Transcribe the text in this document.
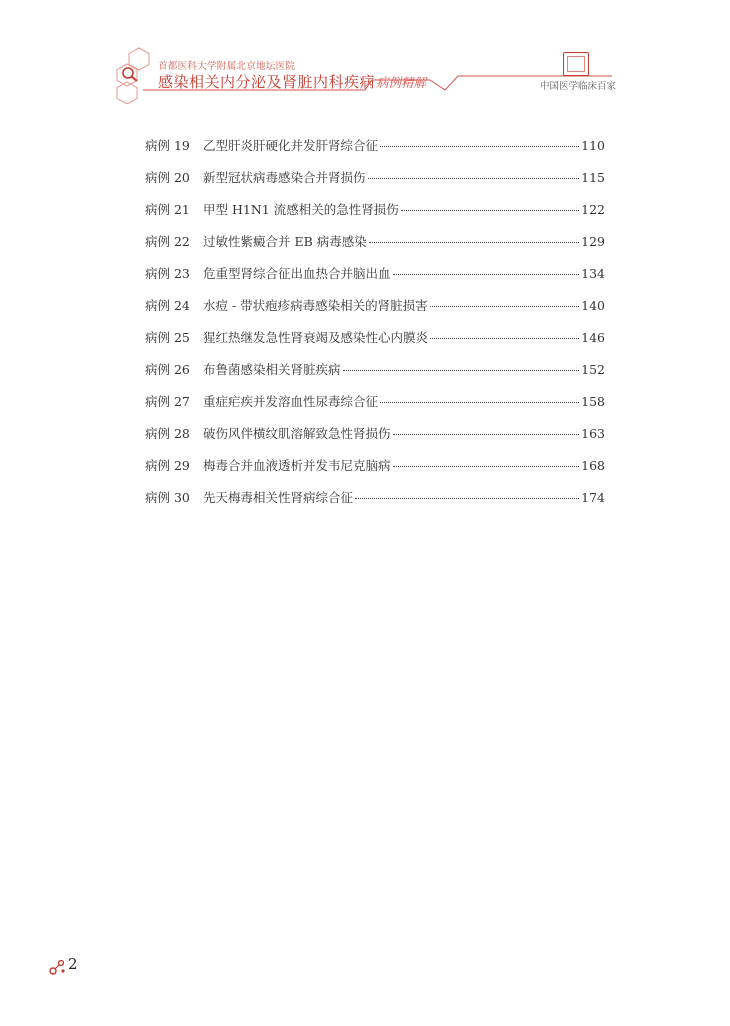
首都医科大学附属北京地坛医院
感染相关内分泌及肾脏内科疾病 病例精解	中国医学临床百家
病例 19	乙型肝炎肝硬化并发肝肾综合征	110
病例 20	新型冠状病毒感染合并肾损伤	115
病例 21	甲型 H1N1 流感相关的急性肾损伤	122
病例 22	过敏性紫癜合并 EB 病毒感染	129
病例 23	危重型肾综合征出血热合并脑出血	134
病例 24	水痘 - 带状疱疹病毒感染相关的肾脏损害	140
病例 25	猩红热继发急性肾衰竭及感染性心内膜炎	146
病例 26	布鲁菌感染相关肾脏疾病	152
病例 27	重症疟疾并发溶血性尿毒综合征	158
病例 28	破伤风伴横纹肌溶解致急性肾损伤	163
病例 29	梅毒合并血液透析并发韦尼克脑病	168
病例 30	先天梅毒相关性肾病综合征	174
2
